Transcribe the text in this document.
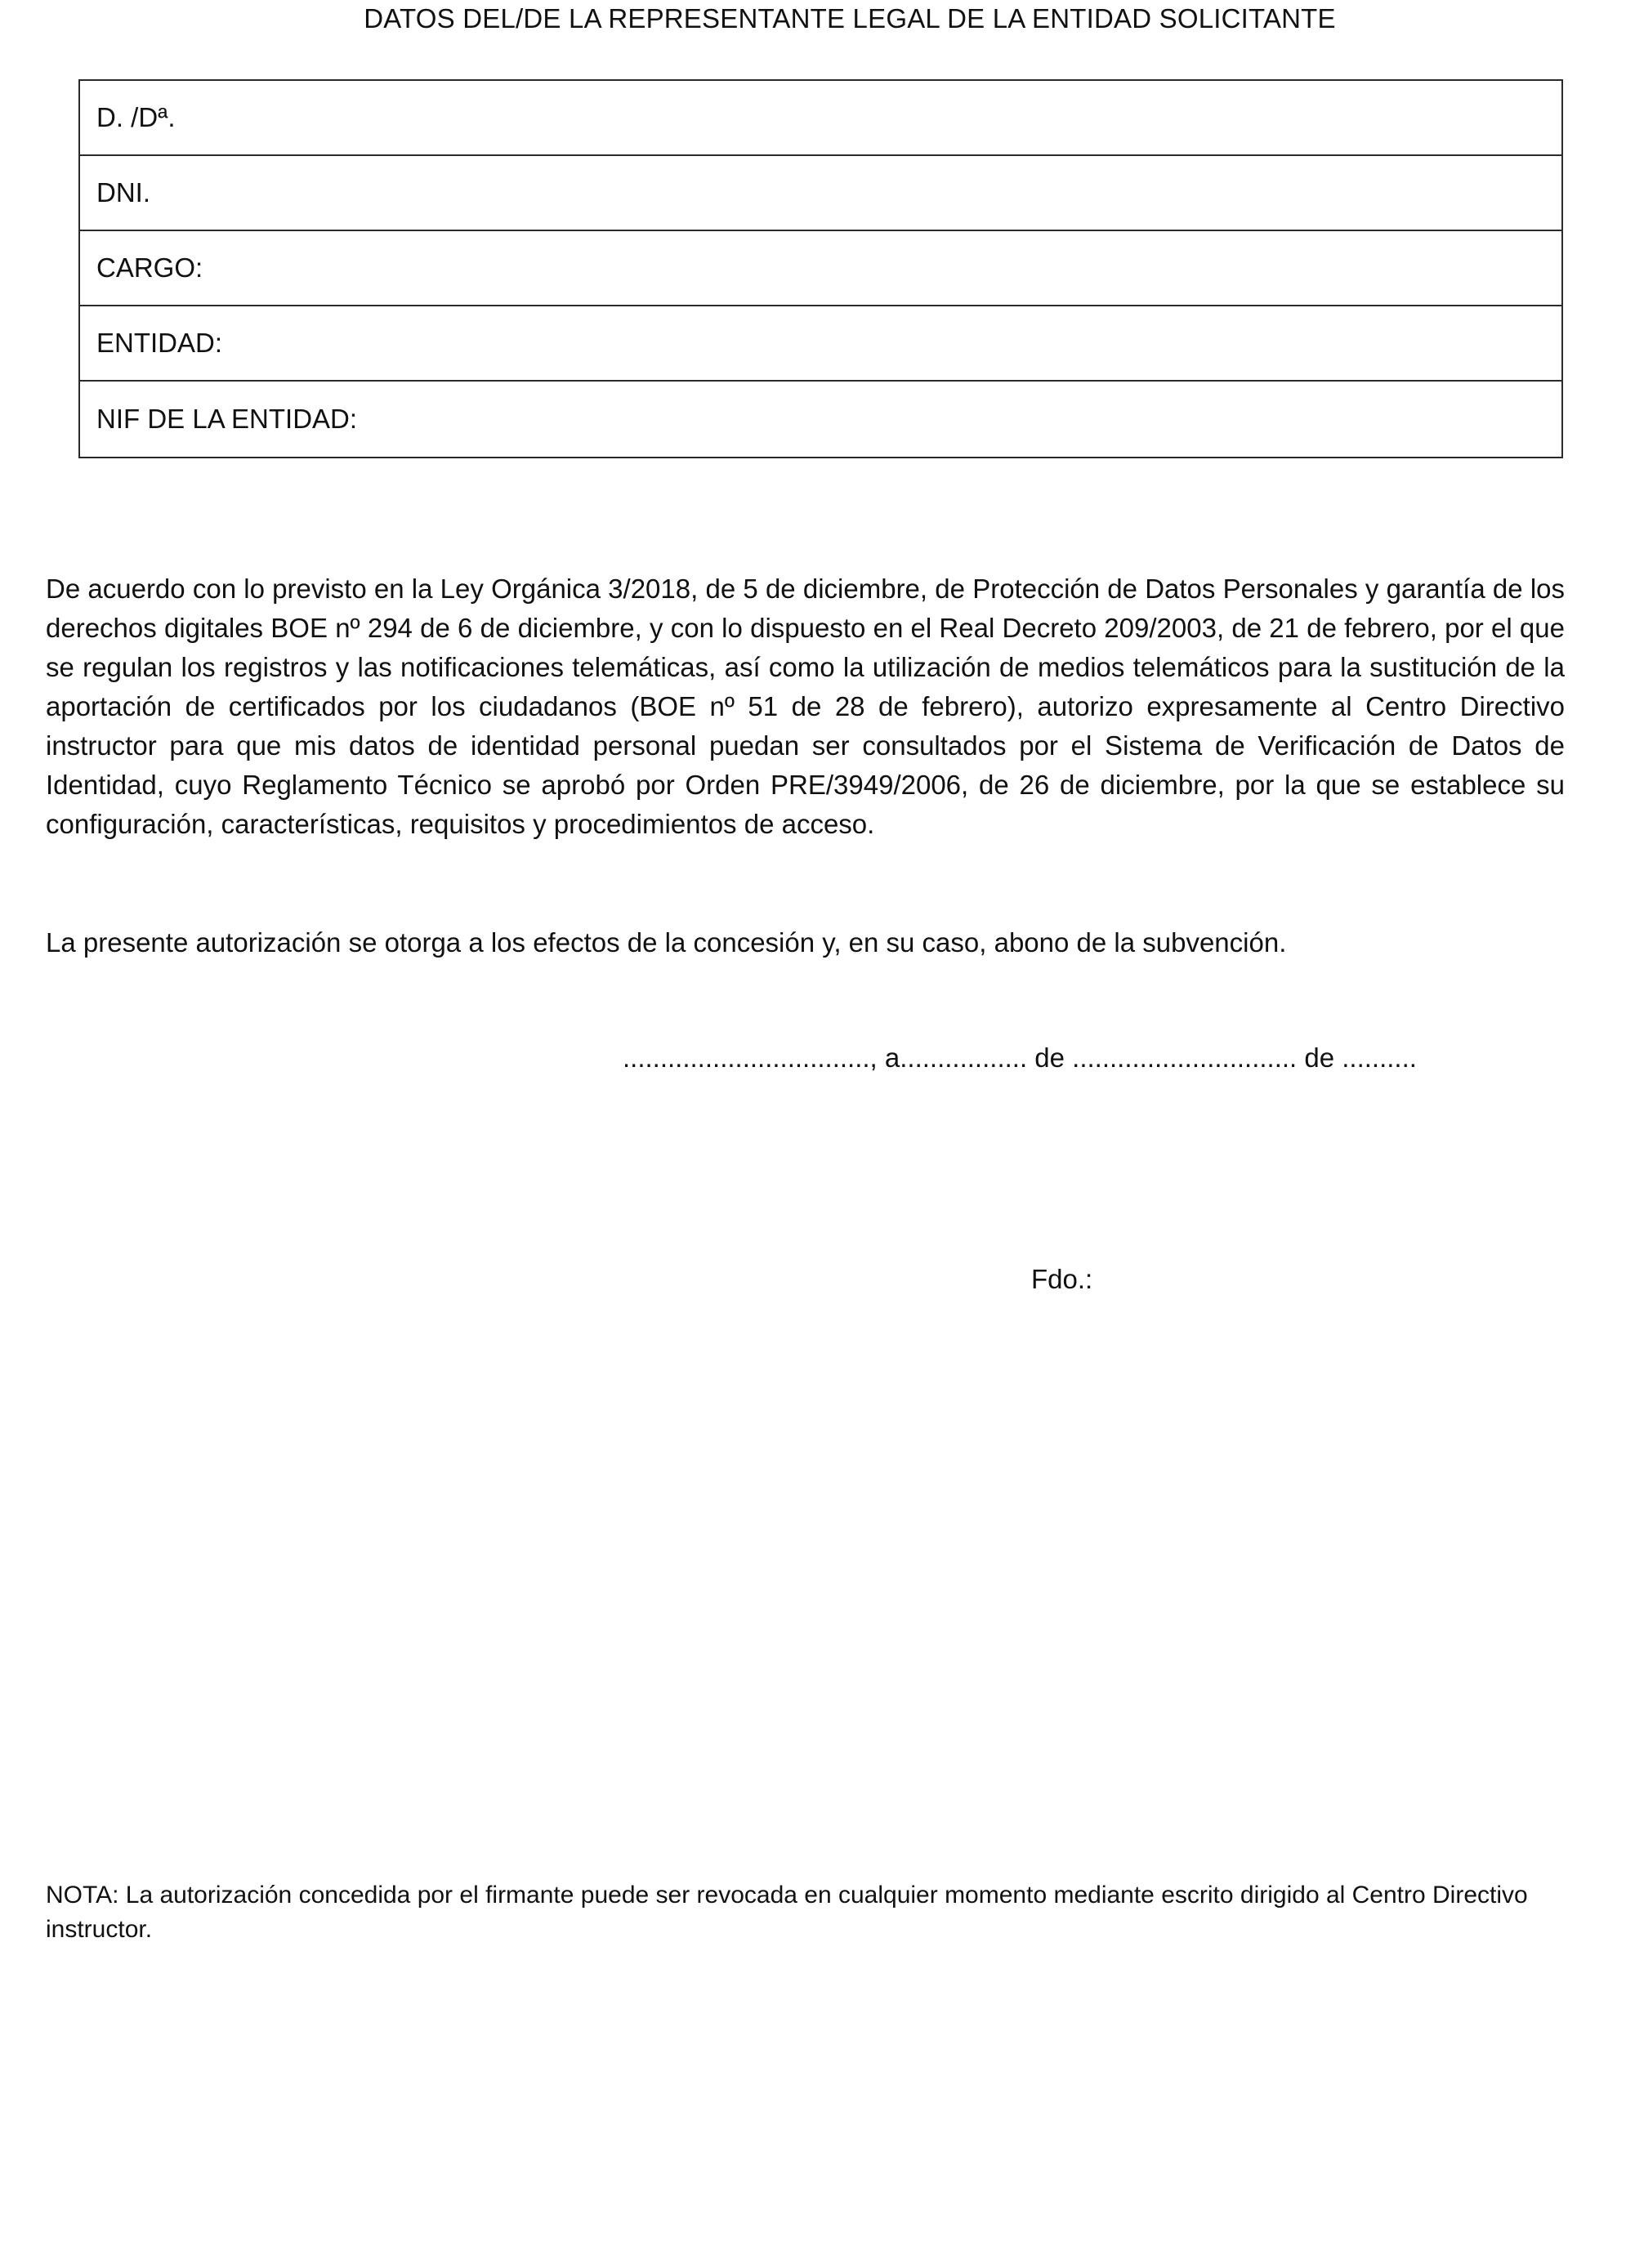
DATOS DEL/DE LA REPRESENTANTE LEGAL DE LA ENTIDAD SOLICITANTE
D. /Dª.
DNI.
CARGO:
ENTIDAD:
NIF DE LA ENTIDAD:

De acuerdo con lo previsto en la Ley Orgánica 3/2018, de 5 de diciembre, de Protección de Datos Personales y garantía de los derechos digitales BOE nº 294 de 6 de diciembre, y con lo dispuesto en el Real Decreto 209/2003, de 21 de febrero, por el que se regulan los registros y las notificaciones telemáticas, así como la utilización de medios telemáticos para la sustitución de la aportación de certificados por los ciudadanos (BOE nº 51 de 28 de febrero), autorizo expresamente al Centro Directivo instructor para que mis datos de identidad personal puedan ser consultados por el Sistema de Verificación de Datos de Identidad, cuyo Reglamento Técnico se aprobó por Orden PRE/3949/2006, de 26 de diciembre, por la que se establece su configuración, características, requisitos y procedimientos de acceso.

La presente autorización se otorga a los efectos de la concesión y, en su caso, abono de la subvención.

................................., a................. de .............................. de ..........
Fdo.:

NOTA: La autorización concedida por el firmante puede ser revocada en cualquier momento mediante escrito dirigido al Centro Directivo instructor.
